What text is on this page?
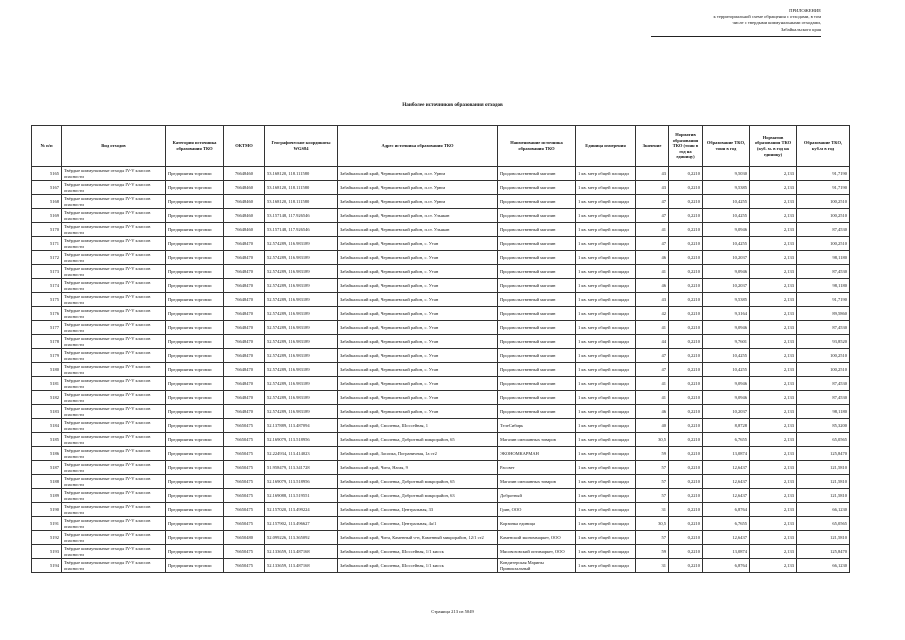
ПРИЛОЖЕНИЕ
к территориальной схеме обращения с отходами, в том
числе с твердыми коммунальными отходами,
Забайкальского края
Наиболее источников образования отходов
№ п/п	Вид отходов	Категория источника образования ТКО	ОКТМО	Географические координаты WGS84	Адрес источника образования ТКО	Наименование источника образования ТКО	Единица измерения	Значение	Норматив образования ТКО (тонн в год на единицу)	Образование ТКО, тонн в год	Норматив образования ТКО (куб. м. в год на единицу)	Образование ТКО, куб.м в год
5165	Твёрдые коммунальные отходы IV-V классов опасности	Предприятия торговли	76648460	53.168120, 118.111580	Забайкальский край, Чернышевский район, п.ст. Урюм	Продовольственный магазин	1 кв. метр общей площади	43	0,2210	9,5030	2,133	91,7190
5167	Твёрдые коммунальные отходы IV-V классов опасности	Предприятия торговли	76648460	53.168120, 118.111580	Забайкальский край, Чернышевский район, п.ст. Урюм	Продовольственный магазин	1 кв. метр общей площади	43	0,2210	9,5385	2,133	91,7190
5168	Твёрдые коммунальные отходы IV-V классов опасности	Предприятия торговли	76648460	53.168120, 118.111580	Забайкальский край, Чернышевский район, п.ст. Урюм	Продовольственный магазин	1 кв. метр общей площади	47	0,2210	10,4255	2,133	100,2510
5169	Твёрдые коммунальные отходы IV-V классов опасности	Предприятия торговли	76648460	53.157148, 117.926546	Забайкальский край, Чернышевский район, п.ст. Ульякан	Продовольственный магазин	1 кв. метр общей площади	47	0,2210	10,4255	2,133	100,2510
5170	Твёрдые коммунальные отходы IV-V классов опасности	Предприятия торговли	76648460	53.157148, 117.926546	Забайкальский край, Чернышевский район, п.ст. Ульякан	Продовольственный магазин	1 кв. метр общей площади	41	0,2210	9,0946	2,133	87,4530
5171	Твёрдые коммунальные отходы IV-V классов опасности	Предприятия торговли	76648470	52.574289, 116.983189	Забайкальский край, Чернышевский район, с. Утан	Продовольственный магазин	1 кв. метр общей площади	47	0,2210	10,4255	2,133	100,2510
5172	Твёрдые коммунальные отходы IV-V классов опасности	Предприятия торговли	76648470	52.574289, 116.983189	Забайкальский край, Чернышевский район, с. Утан	Продовольственный магазин	1 кв. метр общей площади	46	0,2210	10,2037	2,133	98,1180
5173	Твёрдые коммунальные отходы IV-V классов опасности	Предприятия торговли	76648470	52.574289, 116.983189	Забайкальский край, Чернышевский район, с. Утан	Продовольственный магазин	1 кв. метр общей площади	41	0,2210	9,0946	2,133	87,4530
5174	Твёрдые коммунальные отходы IV-V классов опасности	Предприятия торговли	76648470	52.574289, 116.983189	Забайкальский край, Чернышевский район, с. Утан	Продовольственный магазин	1 кв. метр общей площади	46	0,2210	10,2037	2,133	98,1180
5175	Твёрдые коммунальные отходы IV-V классов опасности	Предприятия торговли	76648470	52.574289, 116.983189	Забайкальский край, Чернышевский район, с. Утан	Продовольственный магазин	1 кв. метр общей площади	43	0,2210	9,5385	2,133	91,7190
5176	Твёрдые коммунальные отходы IV-V классов опасности	Предприятия торговли	76648470	52.574289, 116.983189	Забайкальский край, Чернышевский район, с. Утан	Продовольственный магазин	1 кв. метр общей площади	42	0,2210	9,3164	2,133	89,5860
5177	Твёрдые коммунальные отходы IV-V классов опасности	Предприятия торговли	76648470	52.574289, 116.983189	Забайкальский край, Чернышевский район, с. Утан	Продовольственный магазин	1 кв. метр общей площади	41	0,2210	9,0946	2,133	87,4530
5178	Твёрдые коммунальные отходы IV-V классов опасности	Предприятия торговли	76648470	52.574289, 116.983189	Забайкальский край, Чернышевский район, с. Утан	Продовольственный магазин	1 кв. метр общей площади	44	0,2210	9,7601	2,133	93,8520
5179	Твёрдые коммунальные отходы IV-V классов опасности	Предприятия торговли	76648470	52.574289, 116.983189	Забайкальский край, Чернышевский район, с. Утан	Продовольственный магазин	1 кв. метр общей площади	47	0,2210	10,4255	2,133	100,2510
5180	Твёрдые коммунальные отходы IV-V классов опасности	Предприятия торговли	76648470	52.574289, 116.983189	Забайкальский край, Чернышевский район, с. Утан	Продовольственный магазин	1 кв. метр общей площади	47	0,2210	10,4255	2,133	100,2510
5181	Твёрдые коммунальные отходы IV-V классов опасности	Предприятия торговли	76648470	52.574289, 116.983189	Забайкальский край, Чернышевский район, с. Утан	Продовольственный магазин	1 кв. метр общей площади	41	0,2210	9,0946	2,133	87,4530
5182	Твёрдые коммунальные отходы IV-V классов опасности	Предприятия торговли	76648470	52.574289, 116.983189	Забайкальский край, Чернышевский район, с. Утан	Продовольственный магазин	1 кв. метр общей площади	41	0,2210	9,0946	2,133	87,4530
5183	Твёрдые коммунальные отходы IV-V классов опасности	Предприятия торговли	76648470	52.574289, 116.983189	Забайкальский край, Чернышевский район, с. Утан	Продовольственный магазин	1 кв. метр общей площади	46	0,2210	10,2037	2,133	98,1180
5184	Твёрдые коммунальные отходы IV-V классов опасности	Предприятия торговли	76650475	52.137889, 113.487094	Забайкальский край, Смоленка, Шоссейная, 1	ТелеСибирь	1 кв. метр общей площади	40	0,2210	8,8728	2,133	85,3200
5185	Твёрдые коммунальные отходы IV-V классов опасности	Предприятия торговли	76650475	52.169079, 113.518956	Забайкальский край, Смоленка, Добротный микрорайон, 65	Магазин смешанных товаров	1 кв. метр общей площади	30,5	0,2210	6,7655	2,133	65,0565
5186	Твёрдые коммунальные отходы IV-V классов опасности	Предприятия торговли	76650475	52.224934, 113.414023	Забайкальский край, Засопка, Пограничная, 1а ст2	ЭКОНОМКАРМАН	1 кв. метр общей площади	59	0,2210	13,0874	2,133	125,8470
5187	Твёрдые коммунальные отходы IV-V классов опасности	Предприятия торговли	76650475	51.958479, 113.341728	Забайкальский край, Чита, Нагая, 9	Рассвет	1 кв. метр общей площади	57	0,2210	12,6437	2,133	121,5810
5188	Твёрдые коммунальные отходы IV-V классов опасности	Предприятия торговли	76650475	52.169079, 113.518956	Забайкальский край, Смоленка, Добротный микрорайон, 65	Магазин смешанных товаров	1 кв. метр общей площади	57	0,2210	12,6437	2,133	121,5810
5189	Твёрдые коммунальные отходы IV-V классов опасности	Предприятия торговли	76650475	52.169088, 113.519551	Забайкальский край, Смоленка, Добротный микрорайон, 63	Добротный	1 кв. метр общей площади	57	0,2210	12,6437	2,133	121,5810
5190	Твёрдые коммунальные отходы IV-V классов опасности	Предприятия торговли	76650475	52.157020, 113.499224	Забайкальский край, Смоленка, Центральная, 33	Грин, ООО	1 кв. метр общей площади	31	0,2210	6,8764	2,133	66,1230
5191	Твёрдые коммунальные отходы IV-V классов опасности	Предприятия торговли	76650475	52.157902, 113.496627	Забайкальский край, Смоленка, Центральная, 4а/1	Корзинка единица	1 кв. метр общей площади	30,5	0,2210	6,7655	2,133	65,0565
5192	Твёрдые коммунальные отходы IV-V классов опасности	Предприятия торговли	76650480	52.099226, 113.365092	Забайкальский край, Чита, Каменный ч-н, Каменный микрорайон, 12/1 ст2	Каменский экономмаркет, ООО	1 кв. метр общей площади	57	0,2210	12,6437	2,133	121,5810
5193	Твёрдые коммунальные отходы IV-V классов опасности	Предприятия торговли	76650475	52.133659, 113.487168	Забайкальский край, Смоленка, Шоссейная, 1/1 киоск	Мясовозовский оптимаркет, ООО	1 кв. метр общей площади	59	0,2210	13,0874	2,133	125,8470
5194	Твёрдые коммунальные отходы IV-V классов опасности	Предприятия торговли	76650475	52.133659, 113.487168	Забайкальский край, Смоленка, Шоссейная, 1/1 киоск	Кондитерская Марины Привокзальный	1 кв. метр общей площади	31	0,2210	6,8764	2,133	66,1230
Страница 213 из 5049
